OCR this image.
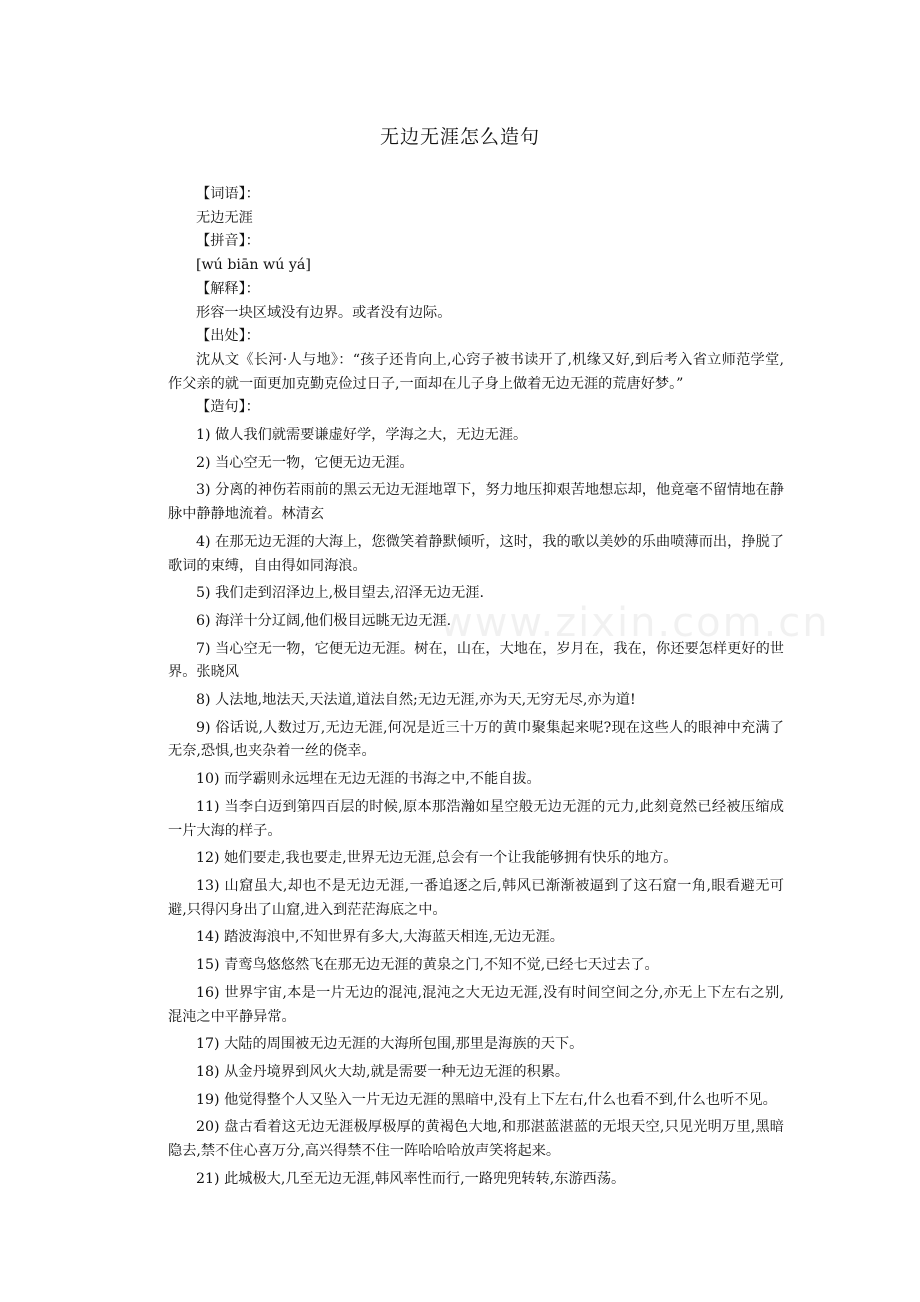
无边无涯怎么造句
www.zixin.com.cn

【词语】：

无边无涯

【拼音】：

[wú biān wú yá]

【解释】：

形容一块区域没有边界。或者没有边际。

【出处】：

沈从文《长河·人与地》：“孩子还肯向上,心窍子被书读开了,机缘又好,到后考入省立师范学堂,作父亲的就一面更加克勤克俭过日子,一面却在儿子身上做着无边无涯的荒唐好梦。”

【造句】：

1) 做人我们就需要谦虚好学，学海之大，无边无涯。

2) 当心空无一物，它便无边无涯。

3) 分离的神伤若雨前的黑云无边无涯地罩下，努力地压抑艰苦地想忘却，他竟毫不留情地在静脉中静静地流着。林清玄

4) 在那无边无涯的大海上，您微笑着静默倾听，这时，我的歌以美妙的乐曲喷薄而出，挣脱了歌词的束缚，自由得如同海浪。

5) 我们走到沼泽边上,极目望去,沼泽无边无涯.

6) 海洋十分辽阔,他们极目远眺无边无涯.

7) 当心空无一物，它便无边无涯。树在，山在，大地在，岁月在，我在，你还要怎样更好的世界。张晓风

8) 人法地,地法天,天法道,道法自然;无边无涯,亦为天,无穷无尽,亦为道!

9) 俗话说,人数过万,无边无涯,何况是近三十万的黄巾聚集起来呢?现在这些人的眼神中充满了无奈,恐惧,也夹杂着一丝的侥幸。

10) 而学霸则永远埋在无边无涯的书海之中,不能自拔。

11) 当李白迈到第四百层的时候,原本那浩瀚如星空般无边无涯的元力,此刻竟然已经被压缩成一片大海的样子。

12) 她们要走,我也要走,世界无边无涯,总会有一个让我能够拥有快乐的地方。

13) 山窟虽大,却也不是无边无涯,一番追逐之后,韩风已渐渐被逼到了这石窟一角,眼看避无可避,只得闪身出了山窟,进入到茫茫海底之中。

14) 踏波海浪中,不知世界有多大,大海蓝天相连,无边无涯。

15) 青鸾鸟悠悠然飞在那无边无涯的黄泉之门,不知不觉,已经七天过去了。

16) 世界宇宙,本是一片无边的混沌,混沌之大无边无涯,没有时间空间之分,亦无上下左右之别,混沌之中平静异常。

17) 大陆的周围被无边无涯的大海所包围,那里是海族的天下。

18) 从金丹境界到风火大劫,就是需要一种无边无涯的积累。

19) 他觉得整个人又坠入一片无边无涯的黑暗中,没有上下左右,什么也看不到,什么也听不见。

20) 盘古看着这无边无涯极厚极厚的黄褐色大地,和那湛蓝湛蓝的无垠天空,只见光明万里,黑暗隐去,禁不住心喜万分,高兴得禁不住一阵哈哈哈放声笑将起来。

21) 此城极大,几至无边无涯,韩风率性而行,一路兜兜转转,东游西荡。
